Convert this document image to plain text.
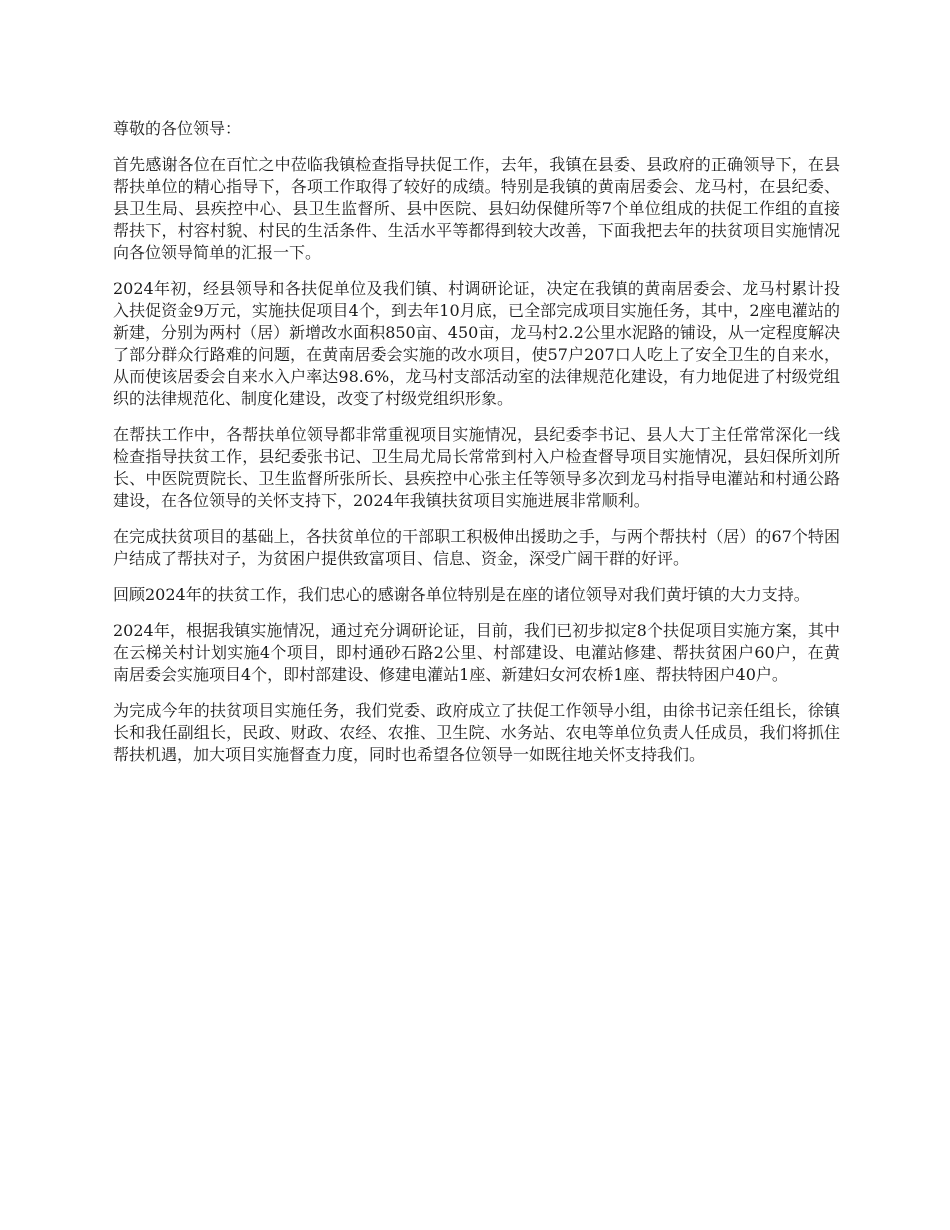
尊敬的各位领导：

首先感谢各位在百忙之中莅临我镇检查指导扶促工作，去年，我镇在县委、县政府的正确领导下，在县帮扶单位的精心指导下，各项工作取得了较好的成绩。特别是我镇的黄南居委会、龙马村，在县纪委、县卫生局、县疾控中心、县卫生监督所、县中医院、县妇幼保健所等7个单位组成的扶促工作组的直接帮扶下，村容村貌、村民的生活条件、生活水平等都得到较大改善，下面我把去年的扶贫项目实施情况向各位领导简单的汇报一下。

2024年初，经县领导和各扶促单位及我们镇、村调研论证，决定在我镇的黄南居委会、龙马村累计投入扶促资金9万元，实施扶促项目4个，到去年10月底，已全部完成项目实施任务，其中，2座电灌站的新建，分别为两村（居）新增改水面积850亩、450亩，龙马村2.2公里水泥路的铺设，从一定程度解决了部分群众行路难的问题，在黄南居委会实施的改水项目，使57户207口人吃上了安全卫生的自来水，从而使该居委会自来水入户率达98.6%，龙马村支部活动室的法律规范化建设，有力地促进了村级党组织的法律规范化、制度化建设，改变了村级党组织形象。

在帮扶工作中，各帮扶单位领导都非常重视项目实施情况，县纪委李书记、县人大丁主任常常深化一线检查指导扶贫工作，县纪委张书记、卫生局尤局长常常到村入户检查督导项目实施情况，县妇保所刘所长、中医院贾院长、卫生监督所张所长、县疾控中心张主任等领导多次到龙马村指导电灌站和村通公路建设，在各位领导的关怀支持下，2024年我镇扶贫项目实施进展非常顺利。

在完成扶贫项目的基础上，各扶贫单位的干部职工积极伸出援助之手，与两个帮扶村（居）的67个特困户结成了帮扶对子，为贫困户提供致富项目、信息、资金，深受广阔干群的好评。

回顾2024年的扶贫工作，我们忠心的感谢各单位特别是在座的诸位领导对我们黄圩镇的大力支持。

2024年，根据我镇实施情况，通过充分调研论证，目前，我们已初步拟定8个扶促项目实施方案，其中在云梯关村计划实施4个项目，即村通砂石路2公里、村部建设、电灌站修建、帮扶贫困户60户，在黄南居委会实施项目4个，即村部建设、修建电灌站1座、新建妇女河农桥1座、帮扶特困户40户。

为完成今年的扶贫项目实施任务，我们党委、政府成立了扶促工作领导小组，由徐书记亲任组长，徐镇长和我任副组长，民政、财政、农经、农推、卫生院、水务站、农电等单位负责人任成员，我们将抓住帮扶机遇，加大项目实施督查力度，同时也希望各位领导一如既往地关怀支持我们。
